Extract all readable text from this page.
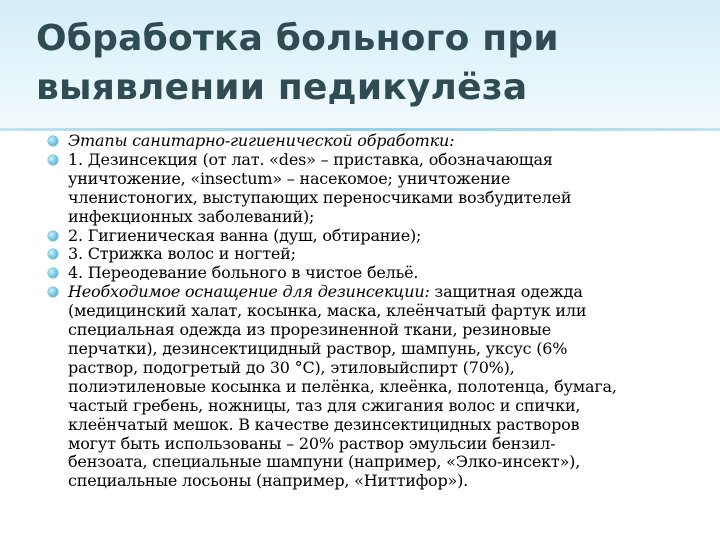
Обработка больного при
выявлении педикулёза
Этапы санитарно-гигиенической обработки:
1. Дезинсекция (от лат. «des» – приставка, обозначающая
уничтожение, «insectum» – насекомое; уничтожение
членистоногих, выступающих переносчиками возбудителей
инфекционных заболеваний);
2. Гигиеническая ванна (душ, обтирание);
3. Стрижка волос и ногтей;
4. Переодевание больного в чистое бельё.
Необходимое оснащение для дезинсекции: защитная одежда
(медицинский халат, косынка, маска, клеёнчатый фартук или
специальная одежда из прорезиненной ткани, резиновые
перчатки), дезинсектицидный раствор, шампунь, уксус (6%
раствор, подогретый до 30 °С), этиловыйспирт (70%),
полиэтиленовые косынка и пелёнка, клеёнка, полотенца, бумага,
частый гребень, ножницы, таз для сжигания волос и спички,
клеёнчатый мешок. В качестве дезинсектицидных растворов
могут быть использованы – 20% раствор эмульсии бензил-
бензоата, специальные шампуни (например, «Элко-инсект»),
специальные лосьоны (например, «Ниттифор»).
